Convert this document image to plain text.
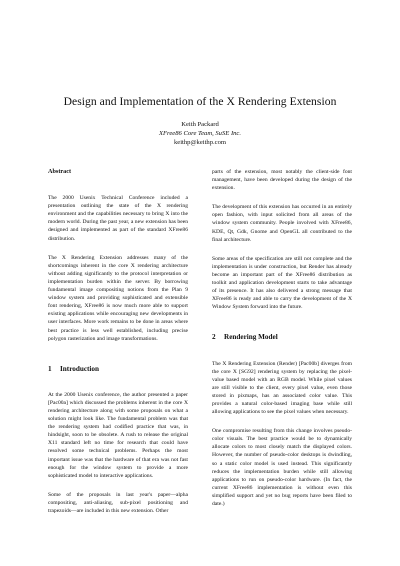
Design and Implementation of the X Rendering Extension
Keith Packard
XFree86 Core Team, SuSE Inc.
keithp@keithp.com
Abstract

The 2000 Usenix Technical Conference included a presentation outlining the state of the X rendering environment and the capabilities necessary to bring X into the modern world. During the past year, a new extension has been designed and implemented as part of the standard XFree86 distribution.

The X Rendering Extension addresses many of the shortcomings inherent in the core X rendering architecture without adding significantly to the protocol interpretation or implementation burden within the server. By borrowing fundamental image compositing notions from the Plan 9 window system and providing sophisticated and extensible font rendering, XFree86 is now much more able to support existing applications while encouraging new developments in user interfaces. More work remains to be done in areas where best practice is less well established, including precise polygon rasterization and image transformations.

1 Introduction

At the 2000 Usenix conference, the author presented a paper [Pac00a] which discussed the problems inherent in the core X rendering architecture along with some proposals on what a solution might look like. The fundamental problem was that the rendering system had codified practice that was, in hindsight, soon to be obsolete. A rush to release the original X11 standard left no time for research that could have resolved some technical problems. Perhaps the most important issue was that the hardware of that era was not fast enough for the window system to provide a more sophisticated model to interactive applications.

Some of the proposals in last year's paper—alpha compositing, anti-aliasing, sub-pixel positioning and trapezoids—are included in this new extension. Other

parts of the extension, most notably the client-side font management, have been developed during the design of the extension.

The development of this extension has occurred in an entirely open fashion, with input solicited from all areas of the window system community. People involved with XFree86, KDE, Qt, Gdk, Gnome and OpenGL all contributed to the final architecture.

Some areas of the specification are still not complete and the implementation is under construction, but Render has already become an important part of the XFree86 distribution as toolkit and application development starts to take advantage of its presence. It has also delivered a strong message that XFree86 is ready and able to carry the development of the X Window System forward into the future.

2 Rendering Model

The X Rendering Extension (Render) [Pac00b] diverges from the core X [SG92] rendering system by replacing the pixel-value based model with an RGB model. While pixel values are still visible to the client, every pixel value, even those stored in pixmaps, has an associated color value. This provides a natural color-based imaging base while still allowing applications to see the pixel values when necessary.

One compromise resulting from this change involves pseudo-color visuals. The best practice would be to dynamically allocate colors to most closely match the displayed colors. However, the number of pseudo-color desktops is dwindling, so a static color model is used instead. This significantly reduces the implementation burden while still allowing applications to run on pseudo-color hardware. (In fact, the current XFree86 implementation is without even this simplified support and yet no bug reports have been filed to date.)
